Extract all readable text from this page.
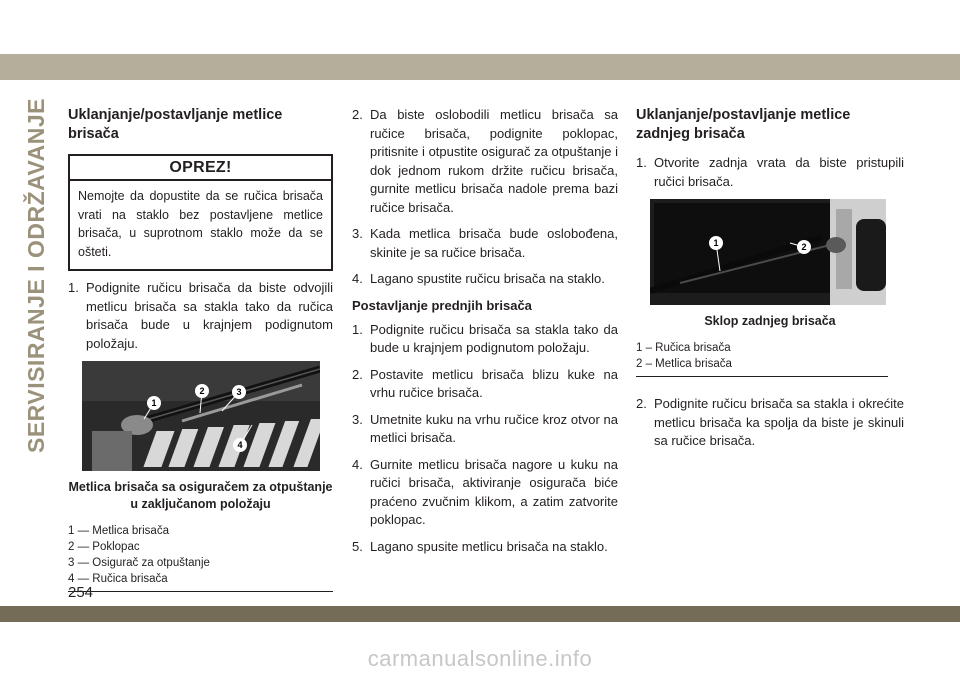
SERVISIRANJE I ODRŽAVANJE Uklanjanje/postavljanje metlice brisača
OPREZ!
Nemojte da dopustite da se ručica brisača vrati na staklo bez postavljene metlice brisača, u suprotnom staklo može da se ošteti.
1. Podignite ručicu brisača da biste odvojili metlicu brisača sa stakla tako da ručica brisača bude u krajnjem podignutom položaju.
1
2	3
4
Metlica brisača sa osiguračem za otpuštanje u zaključanom položaju
1 — Metlica brisača
2 — Poklopac
3 — Osigurač za otpuštanje
4 — Ručica brisača
2. Da biste oslobodili metlicu brisača sa ručice brisača, podignite poklopac, pritisnite i otpustite osigurač za otpuštanje i dok jednom rukom držite ručicu brisača, gurnite metlicu brisača nadole prema bazi ručice brisača.
3. Kada metlica brisača bude oslobođena, skinite je sa ručice brisača.
4. Lagano spustite ručicu brisača na staklo.
Postavljanje prednjih brisača
1. Podignite ručicu brisača sa stakla tako da bude u krajnjem podignutom položaju.
2. Postavite metlicu brisača blizu kuke na vrhu ručice brisača.
3. Umetnite kuku na vrhu ručice kroz otvor na metlici brisača.
4. Gurnite metlicu brisača nagore u kuku na ručici brisača, aktiviranje osigurača biće praćeno zvučnim klikom, a zatim zatvorite poklopac.
5. Lagano spusite metlicu brisača na staklo.
Uklanjanje/postavljanje metlice zadnjeg brisača
1. Otvorite zadnja vrata da biste pristupili ručici brisača.
1	2
Sklop zadnjeg brisača
1 – Ručica brisača
2 – Metlica brisača
2. Podignite ručicu brisača sa stakla i okrećite metlicu brisača ka spolja da biste je skinuli sa ručice brisača.
254
carmanualsonline.info
